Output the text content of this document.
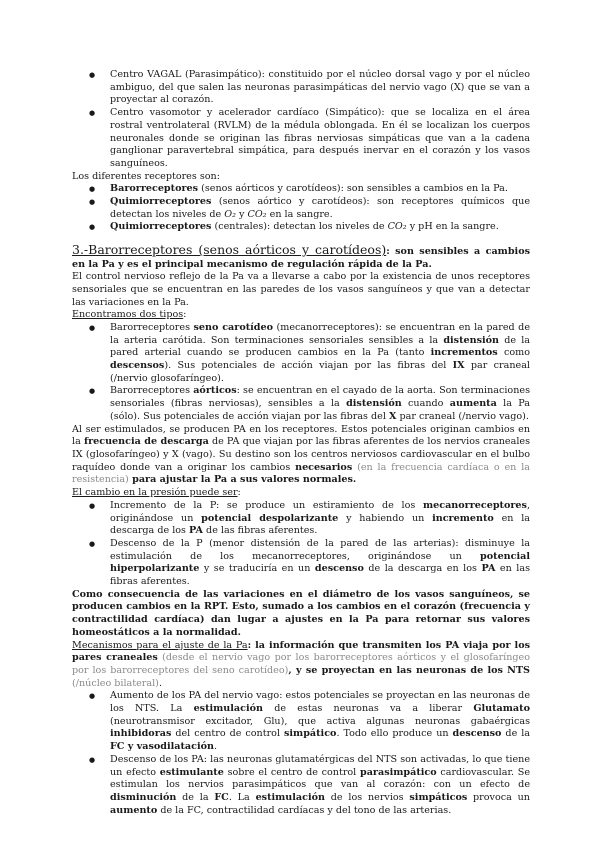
● Centro VAGAL (Parasimpático): constituido por el núcleo dorsal vago y por el núcleo ambiguo, del que salen las neuronas parasimpáticas del nervio vago (X) que se van a proyectar al corazón.
● Centro vasomotor y acelerador cardíaco (Simpático): que se localiza en el área rostral ventrolateral (RVLM) de la médula oblongada. En él se localizan los cuerpos neuronales donde se originan las fibras nerviosas simpáticas que van a la cadena ganglionar paravertebral simpática, para después inervar en el corazón y los vasos sanguíneos.

Los diferentes receptores son:

● Barorreceptores (senos aórticos y carotídeos): son sensibles a cambios en la Pa.
● Quimiorreceptores (senos aórtico y carotídeos): son receptores químicos que detectan los niveles de O₂ y CO₂ en la sangre.
● Quimiorreceptores (centrales): detectan los niveles de CO₂ y pH en la sangre.
3.-Barorreceptores (senos aórticos y carotídeos): son sensibles a cambios en la Pa y es el principal mecanismo de regulación rápida de la Pa.

El control nervioso reflejo de la Pa va a llevarse a cabo por la existencia de unos receptores sensoriales que se encuentran en las paredes de los vasos sanguíneos y que van a detectar las variaciones en la Pa.

Encontramos dos tipos:

● Barorreceptores seno carotídeo (mecanorreceptores): se encuentran en la pared de la arteria carótida. Son terminaciones sensoriales sensibles a la distensión de la pared arterial cuando se producen cambios en la Pa (tanto incrementos como descensos). Sus potenciales de acción viajan por las fibras del IX par craneal (/nervio glosofaríngeo).
● Barorreceptores aórticos: se encuentran en el cayado de la aorta. Son terminaciones sensoriales (fibras nerviosas), sensibles a la distensión cuando aumenta la Pa (sólo). Sus potenciales de acción viajan por las fibras del X par craneal (/nervio vago).

Al ser estimulados, se producen PA en los receptores. Estos potenciales originan cambios en la frecuencia de descarga de PA que viajan por las fibras aferentes de los nervios craneales IX (glosofaríngeo) y X (vago). Su destino son los centros nerviosos cardiovascular en el bulbo raquídeo donde van a originar los cambios necesarios (en la frecuencia cardíaca o en la resistencia) para ajustar la Pa a sus valores normales.

El cambio en la presión puede ser:

● Incremento de la P: se produce un estiramiento de los mecanorreceptores, originándose un potencial despolarizante y habiendo un incremento en la descarga de los PA de las fibras aferentes.
● Descenso de la P (menor distensión de la pared de las arterias): disminuye la estimulación de los mecanorreceptores, originándose un potencial hiperpolarizante y se traduciría en un descenso de la descarga en los PA en las fibras aferentes.

Como consecuencia de las variaciones en el diámetro de los vasos sanguíneos, se producen cambios en la RPT. Esto, sumado a los cambios en el corazón (frecuencia y contractilidad cardíaca) dan lugar a ajustes en la Pa para retornar sus valores homeostáticos a la normalidad.

Mecanismos para el ajuste de la Pa: la información que transmiten los PA viaja por los pares craneales (desde el nervio vago por los barorreceptores aórticos y el glosofaríngeo por los barorreceptores del seno carotídeo), y se proyectan en las neuronas de los NTS (/núcleo bilateral).

● Aumento de los PA del nervio vago: estos potenciales se proyectan en las neuronas de los NTS. La estimulación de estas neuronas va a liberar Glutamato (neurotransmisor excitador, Glu), que activa algunas neuronas gabaérgicas inhibidoras del centro de control simpático. Todo ello produce un descenso de la FC y vasodilatación.
● Descenso de los PA: las neuronas glutamatérgicas del NTS son activadas, lo que tiene un efecto estimulante sobre el centro de control parasimpático cardiovascular. Se estimulan los nervios parasimpáticos que van al corazón: con un efecto de disminución de la FC. La estimulación de los nervios simpáticos provoca un aumento de la FC, contractilidad cardíacas y del tono de las arterias.
